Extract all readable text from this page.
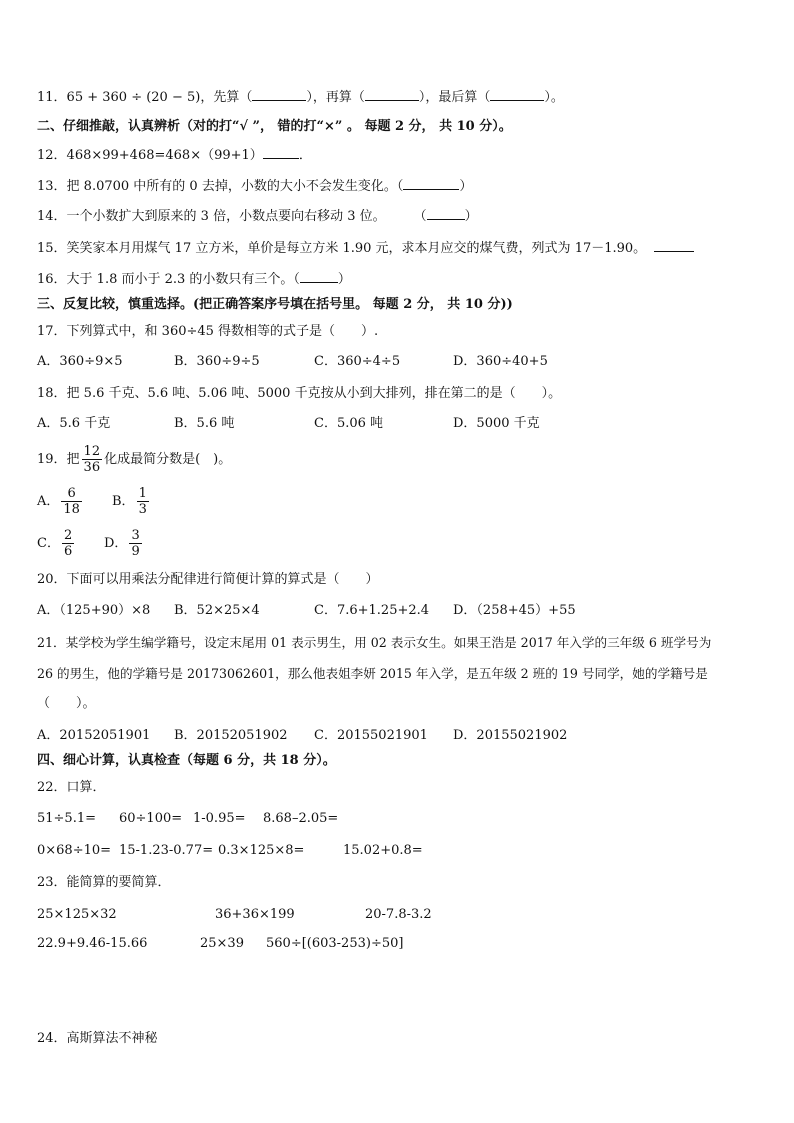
11．65 + 360 ÷ (20 − 5)，先算（	），再算（	），最后算（	）。
二、仔细推敲，认真辨析（对的打“√ ”， 错的打“×” 。 每题 2 分， 共 10 分）。
12．468×99+468=468×（99+1）	．
13．把 8.0700 中所有的 0 去掉，小数的大小不会发生变化。（	）
14．一个小数扩大到原来的 3 倍，小数点要向右移动 3 位。 （	）
15．笑笑家本月用煤气 17 立方米，单价是每立方米 1.90 元，求本月应交的煤气费，列式为 17－1.90。
16．大于 1.8 而小于 2.3 的小数只有三个。（	）
三、反复比较，慎重选择。(把正确答案序号填在括号里。 每题 2 分， 共 10 分))
17．下列算式中，和 360÷45 得数相等的式子是（　　）.
A．360÷9×5	B．360÷9÷5	C．360÷4÷5	D．360÷40+5
18．把 5.6 千克、5.6 吨、5.06 吨、5000 千克按从小到大排列，排在第二的是（　　）。
A．5.6 千克	B．5.6 吨	C．5.06 吨	D．5000 千克
19．把 $\frac{12}{36}$ 化成最简分数是(　)。
A． $\frac{6}{18}$ B． $\frac{1}{3}$
C． $\frac{2}{6}$ D． $\frac{3}{9}$
20．下面可以用乘法分配律进行简便计算的算式是（　　）
A．（125+90）×8 B．52×25×4	C．7.6+1.25+2.4 D．（258+45）+55
21．某学校为学生编学籍号，设定末尾用 01 表示男生，用 02 表示女生。如果王浩是 2017 年入学的三年级 6 班学号为
26 的男生，他的学籍号是 20173062601，那么他表姐李妍 2015 年入学，是五年级 2 班的 19 号同学，她的学籍号是
（　　）。
A．20152051901 B．20152051902 C．20155021901 D．20155021902
四、细心计算，认真检查（每题 6 分，共 18 分）。
22．口算．
51÷5.1= 60÷100= 1-0.95= 8.68–2.05=
0×68÷10= 15-1.23-0.77= 0.3×125×8=	15.02+0.8=
23．能简算的要简算．
25×125×32	36+36×199	20-7.8-3.2
22.9+9.46-15.66	25×39 560÷[(603-253)÷50]
24．高斯算法不神秘
